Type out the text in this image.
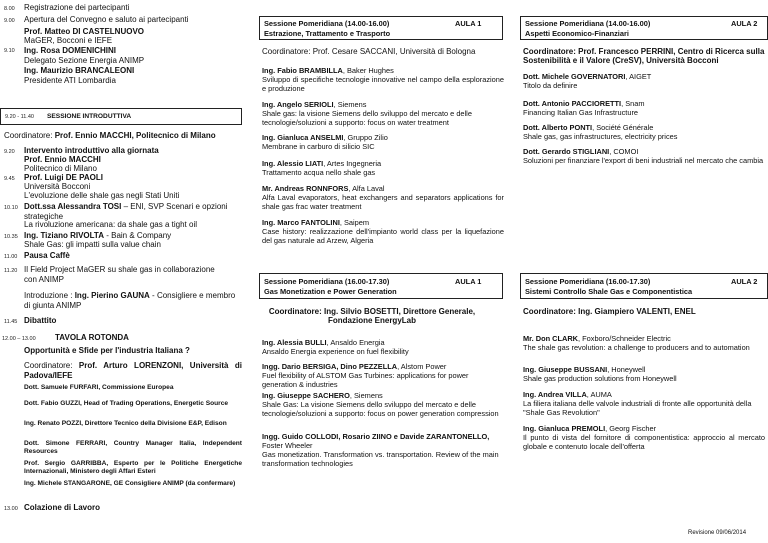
8.00 Registrazione dei partecipanti
9.00 Apertura del Convegno e saluto ai partecipanti
Prof. Matteo DI CASTELNUOVO
MaGER, Bocconi e IEFE
9.10 Ing. Rosa DOMENICHINI
Delegato Sezione Energia ANIMP
Ing. Maurizio BRANCALEONI
Presidente ATI Lombardia
9.20 - 11.40 SESSIONE INTRODUTTIVA
Coordinatore: Prof. Ennio MACCHI, Politecnico di Milano
9.20 Intervento introduttivo alla giornata
Prof. Ennio MACCHI
Politecnico di Milano
9.45 Prof. Luigi DE PAOLI
Università Bocconi
L'evoluzione delle shale gas negli Stati Uniti
10.10 Dott.ssa Alessandra TOSI – ENI, SVP Scenari e opzioni strategiche
La rivoluzione americana: da shale gas a tight oil
10.35 Ing. Tiziano RIVOLTA - Bain & Company
Shale Gas: gli impatti sulla value chain
11.00 Pausa Caffè
11.20 Il Field Project MaGER su shale gas in collaborazione con ANIMP
Introduzione : Ing. Pierino GAUNA - Consigliere e membro di giunta ANIMP
11.45 Dibattito
12.00 – 13.00 TAVOLA ROTONDA
Opportunità e Sfide per l'industria Italiana ?
Coordinatore: Prof. Arturo LORENZONI, Università di Padova/IEFE
Dott. Samuele FURFARI, Commissione Europea
Dott. Fabio GUZZI, Head of Trading Operations, Energetic Source
Ing. Renato POZZI, Direttore Tecnico della Divisione E&P, Edison
Dott. Simone FERRARI, Country Manager Italia, Independent Resources
Prof. Sergio GARRIBBA, Esperto per le Politiche Energetiche Internazionali, Ministero degli Affari Esteri
Ing. Michele STANGARONE, GE Consigliere ANIMP (da confermare)
13.00 Colazione di Lavoro
Sessione Pomeridiana (14.00-16.00)
Estrazione, Trattamento e Trasporto
AULA 1
Coordinatore: Prof. Cesare SACCANI, Università di Bologna
Ing. Fabio BRAMBILLA, Baker Hughes

Sviluppo di specifiche tecnologie innovative nel campo della esplorazione e produzione
Ing. Angelo SERIOLI, Siemens

Shale gas: la visione Siemens dello sviluppo del mercato e delle tecnologie/soluzioni a supporto: focus on water treatment
Ing. Gianluca ANSELMI, Gruppo Zilio

Membrane in carburo di silicio SIC
Ing. Alessio LIATI, Artes Ingegneria

Trattamento acqua nello shale gas
Mr. Andreas RONNFORS, Alfa Laval

Alfa Laval evaporators, heat exchangers and separators applications for shale gas frac water treatment
Ing. Marco FANTOLINI, Saipem

Case history: realizzazione dell'impianto world class per la liquefazione del gas naturale ad Arzew, Algeria
Sessione Pomeridiana (16.00-17.30)
Gas Monetization e Power Generation
AULA 1
Coordinatore: Ing. Silvio BOSETTI, Direttore Generale, Fondazione EnergyLab
Ing. Alessia BULLI, Ansaldo Energia

Ansaldo Energia experience on fuel flexibility
Ingg. Dario BERSIGA, Dino PEZZELLA, Alstom Power

Fuel flexibility of ALSTOM Gas Turbines: applications for power generation & industries
Ing. Giuseppe SACHERO, Siemens

Shale Gas: La visione Siemens dello sviluppo del mercato e delle tecnologie/soluzioni a supporto: focus on power generation compression
Ingg. Guido COLLODI, Rosario ZIINO e Davide ZARANTONELLO,
Foster Wheeler
Gas monetization. Transformation vs. transportation. Review of the main transformation technologies
Sessione Pomeridiana (14.00-16.00)
Aspetti Economico-Finanziari
AULA 2
Coordinatore: Prof. Francesco PERRINI, Centro di Ricerca sulla Sostenibilità e il Valore (CreSV), Università Bocconi
Dott. Michele GOVERNATORI, AIGET

Titolo da definire
Dott. Antonio PACCIORETTI, Snam

Financing Italian Gas Infrastructure
Dott. Alberto PONTI, Société Générale

Shale gas, gas infrastructures, electricity prices
Dott. Gerardo STIGLIANI, COMOI

Soluzioni per finanziare l'export di beni industriali nel mercato che cambia
Sessione Pomeridiana (16.00-17.30)
Sistemi Controllo Shale Gas e Componentistica
AULA 2
Coordinatore: Ing. Giampiero VALENTI, ENEL
Mr. Don CLARK, Foxboro/Schneider Electric

The shale gas revolution: a challenge to producers and to automation
Ing. Giuseppe BUSSANI, Honeywell

Shale gas production solutions from Honeywell
Ing. Andrea VILLA, AUMA

La filiera italiana delle valvole industriali di fronte alle opportunità della "Shale Gas Revolution"
Ing. Gianluca PREMOLI, Georg Fischer

Il punto di vista del fornitore di componentistica: approccio al mercato globale e contenuto locale dell'offerta
Revisione 09/06/2014
